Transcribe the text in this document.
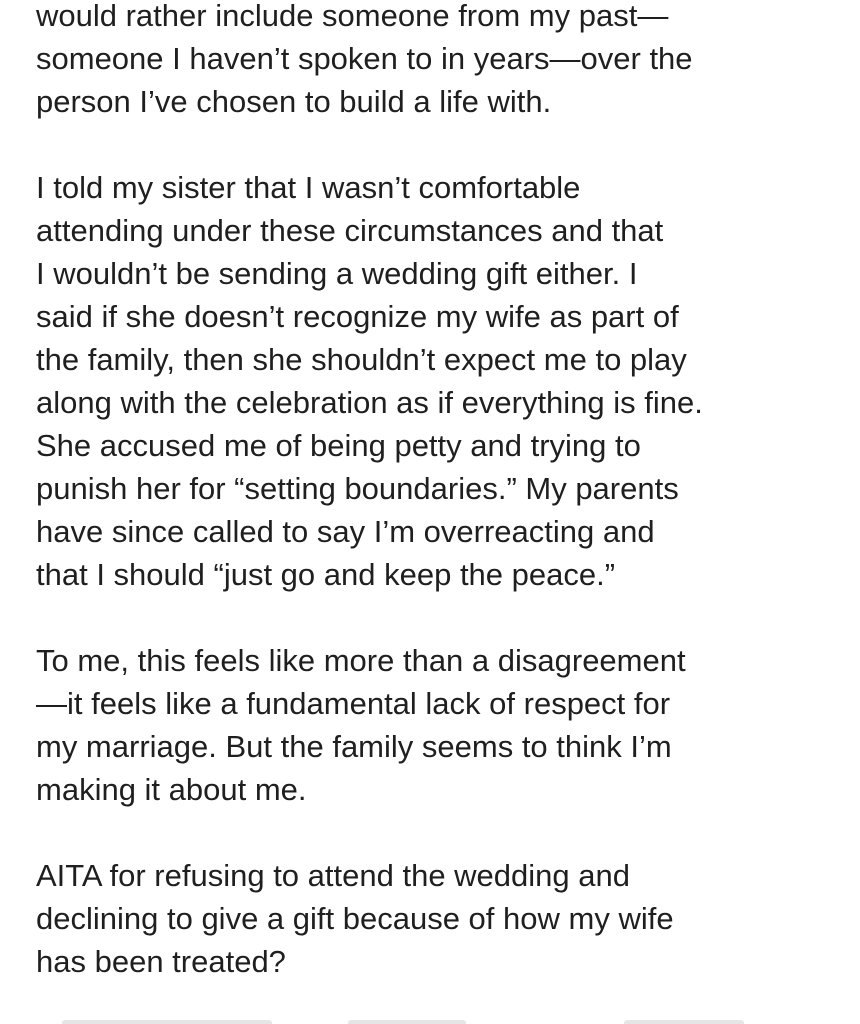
would rather include someone from my past—
someone I haven’t spoken to in years—over the
person I’ve chosen to build a life with.

I told my sister that I wasn’t comfortable
attending under these circumstances and that
I wouldn’t be sending a wedding gift either. I
said if she doesn’t recognize my wife as part of
the family, then she shouldn’t expect me to play
along with the celebration as if everything is fine.
She accused me of being petty and trying to
punish her for “setting boundaries.” My parents
have since called to say I’m overreacting and
that I should “just go and keep the peace.”

To me, this feels like more than a disagreement
—it feels like a fundamental lack of respect for
my marriage. But the family seems to think I’m
making it about me.

AITA for refusing to attend the wedding and
declining to give a gift because of how my wife
has been treated?
